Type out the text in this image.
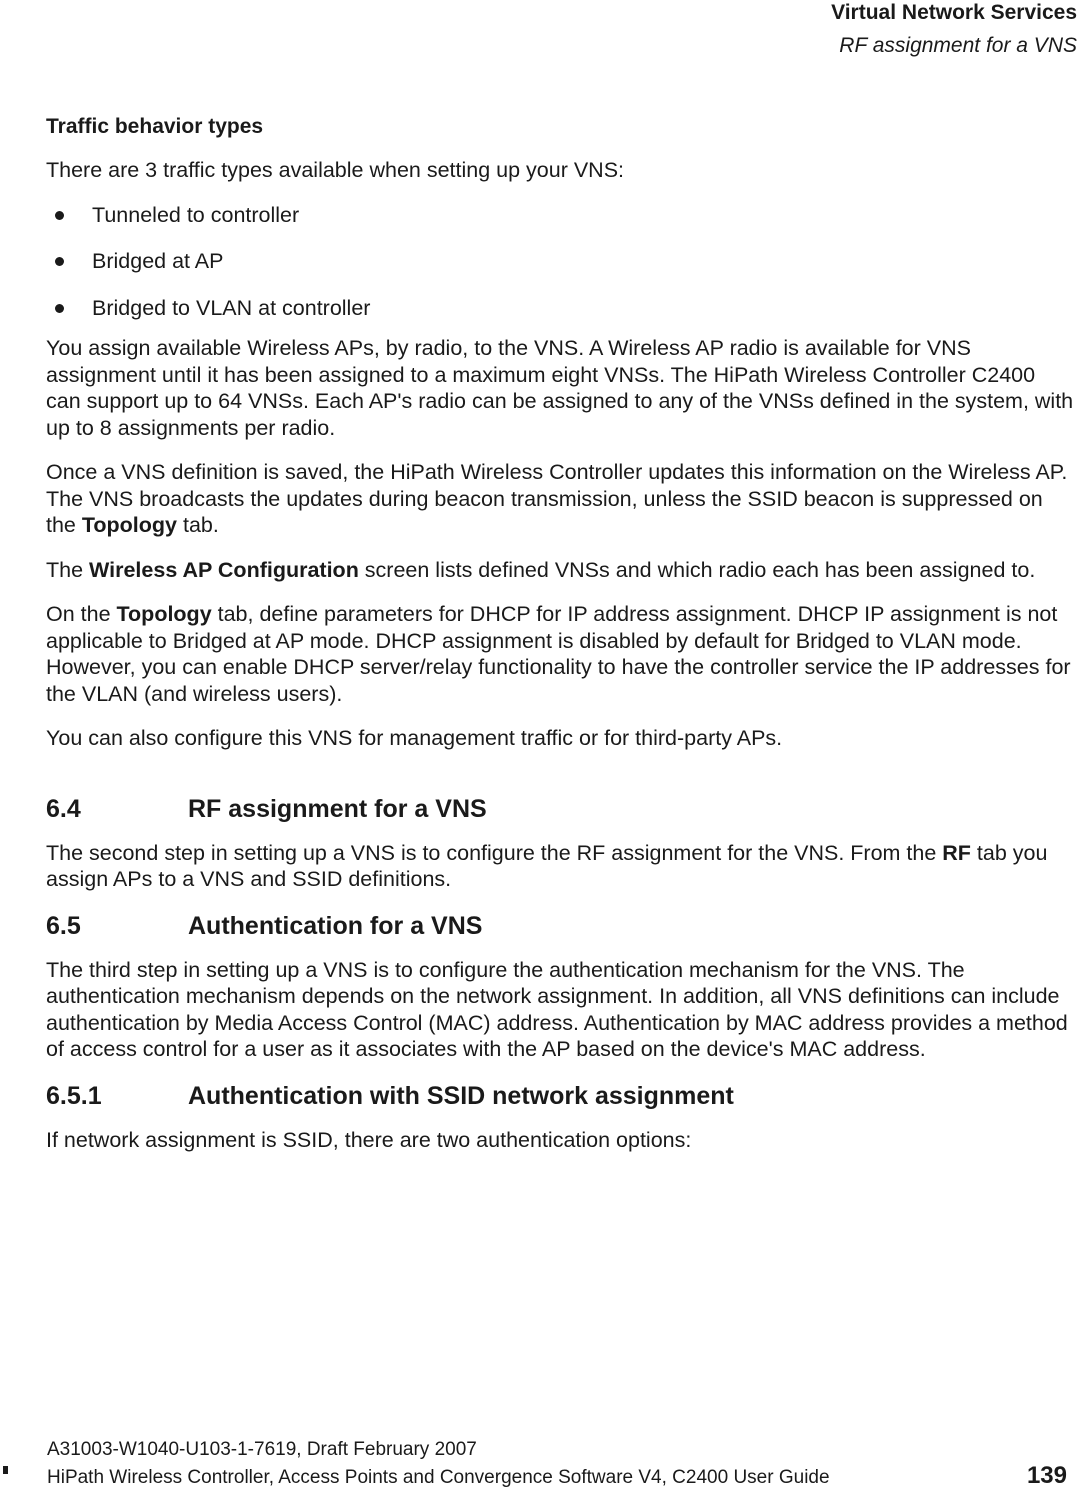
Virtual Network Services
RF assignment for a VNS
Traffic behavior types

There are 3 traffic types available when setting up your VNS:

Tunneled to controller
Bridged at AP
Bridged to VLAN at controller

You assign available Wireless APs, by radio, to the VNS. A Wireless AP radio is available for VNS assignment until it has been assigned to a maximum eight VNSs. The HiPath Wireless Controller C2400 can support up to 64 VNSs. Each AP's radio can be assigned to any of the VNSs defined in the system, with up to 8 assignments per radio.

Once a VNS definition is saved, the HiPath Wireless Controller updates this information on the Wireless AP. The VNS broadcasts the updates during beacon transmission, unless the SSID beacon is suppressed on the Topology tab.

The Wireless AP Configuration screen lists defined VNSs and which radio each has been assigned to.

On the Topology tab, define parameters for DHCP for IP address assignment. DHCP IP assignment is not applicable to Bridged at AP mode. DHCP assignment is disabled by default for Bridged to VLAN mode. However, you can enable DHCP server/relay functionality to have the controller service the IP addresses for the VLAN (and wireless users).

You can also configure this VNS for management traffic or for third-party APs.

6.4	RF assignment for a VNS

The second step in setting up a VNS is to configure the RF assignment for the VNS. From the RF tab you assign APs to a VNS and SSID definitions.

6.5	Authentication for a VNS

The third step in setting up a VNS is to configure the authentication mechanism for the VNS. The authentication mechanism depends on the network assignment. In addition, all VNS definitions can include authentication by Media Access Control (MAC) address. Authentication by MAC address provides a method of access control for a user as it associates with the AP based on the device's MAC address.

6.5.1	Authentication with SSID network assignment

If network assignment is SSID, there are two authentication options:

A31003-W1040-U103-1-7619, Draft February 2007
HiPath Wireless Controller, Access Points and Convergence Software V4, C2400 User Guide	139
